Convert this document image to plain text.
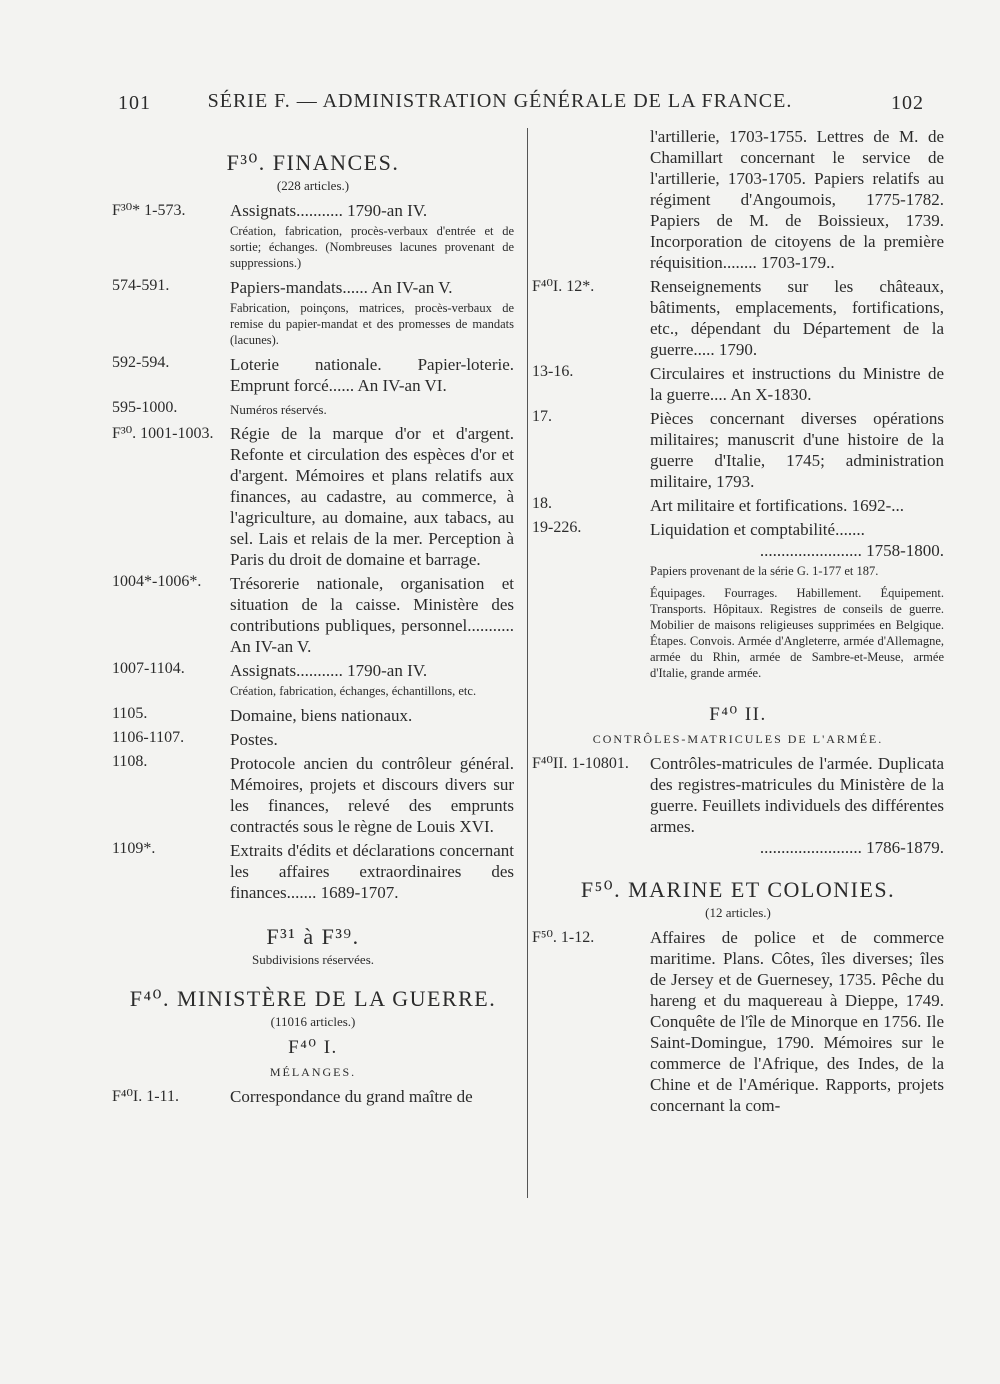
101	SÉRIE F. — ADMINISTRATION GÉNÉRALE DE LA FRANCE.	102
F³⁰. FINANCES.
(228 articles.)
F³⁰* 1-573.	Assignats........... 1790-an IV.
Création, fabrication, procès-verbaux d'entrée et de sortie; échanges. (Nombreuses lacunes provenant de suppressions.)
574-591.	Papiers-mandats...... An IV-an V.
Fabrication, poinçons, matrices, procès-verbaux de remise du papier-mandat et des promesses de mandats (lacunes).
592-594.	Loterie nationale. Papier-loterie. Emprunt forcé...... An IV-an VI.
595-1000.	Numéros réservés.
F³⁰. 1001-1003. Régie de la marque d'or et d'argent. Refonte et circulation des espèces d'or et d'argent. Mémoires et plans relatifs aux finances, au cadastre, au commerce, à l'agriculture, au domaine, aux tabacs, au sel. Lais et relais de la mer. Perception à Paris du droit de domaine et barrage.
1004*-1006*. Trésorerie nationale, organisation et situation de la caisse. Ministère des contributions publiques, personnel........... An IV-an V.
1007-1104.	Assignats........... 1790-an IV.
Création, fabrication, échanges, échantillons, etc.
1105.	Domaine, biens nationaux.
1106-1107.	Postes.
1108.	Protocole ancien du contrôleur général. Mémoires, projets et discours divers sur les finances, relevé des emprunts contractés sous le règne de Louis XVI.
1109*.	Extraits d'édits et déclarations concernant les affaires extraordinaires des finances....... 1689-1707.
F³¹ à F³⁹.
Subdivisions réservées.
F⁴⁰. MINISTÈRE DE LA GUERRE.
(11016 articles.)
F⁴⁰ I.
MÉLANGES.
F⁴⁰I. 1-11.	Correspondance du grand maître de
l'artillerie, 1703-1755. Lettres de M. de Chamillart concernant le service de l'artillerie, 1703-1705. Papiers relatifs au régiment d'Angoumois, 1775-1782. Papiers de M. de Boissieux, 1739. Incorporation de citoyens de la première réquisition........ 1703-179..
F⁴⁰I. 12*.	Renseignements sur les châteaux, bâtiments, emplacements, fortifications, etc., dépendant du Département de la guerre..... 1790.
13-16.	Circulaires et instructions du Ministre de la guerre.... An X-1830.
17.	Pièces concernant diverses opérations militaires; manuscrit d'une histoire de la guerre d'Italie, 1745; administration militaire, 1793.
18.	Art militaire et fortifications. 1692-...
19-226.	Liquidation et comptabilité.......
........................ 1758-1800.
Papiers provenant de la série G. 1-177 et 187.
Équipages. Fourrages. Habillement. Équipement. Transports. Hôpitaux. Registres de conseils de guerre. Mobilier de maisons religieuses supprimées en Belgique. Étapes. Convois. Armée d'Angleterre, armée d'Allemagne, armée du Rhin, armée de Sambre-et-Meuse, armée d'Italie, grande armée.
F⁴⁰ II.
CONTRÔLES-MATRICULES DE L'ARMÉE.
F⁴⁰II. 1-10801. Contrôles-matricules de l'armée. Duplicata des registres-matricules du Ministère de la guerre. Feuillets individuels des différentes armes.
........................ 1786-1879.
F⁵⁰. MARINE ET COLONIES.
(12 articles.)
F⁵⁰. 1-12.	Affaires de police et de commerce maritime. Plans. Côtes, îles diverses; îles de Jersey et de Guernesey, 1735. Pêche du hareng et du maquereau à Dieppe, 1749. Conquête de l'île de Minorque en 1756. Ile Saint-Domingue, 1790. Mémoires sur le commerce de l'Afrique, des Indes, de la Chine et de l'Amérique. Rapports, projets concernant la com-
